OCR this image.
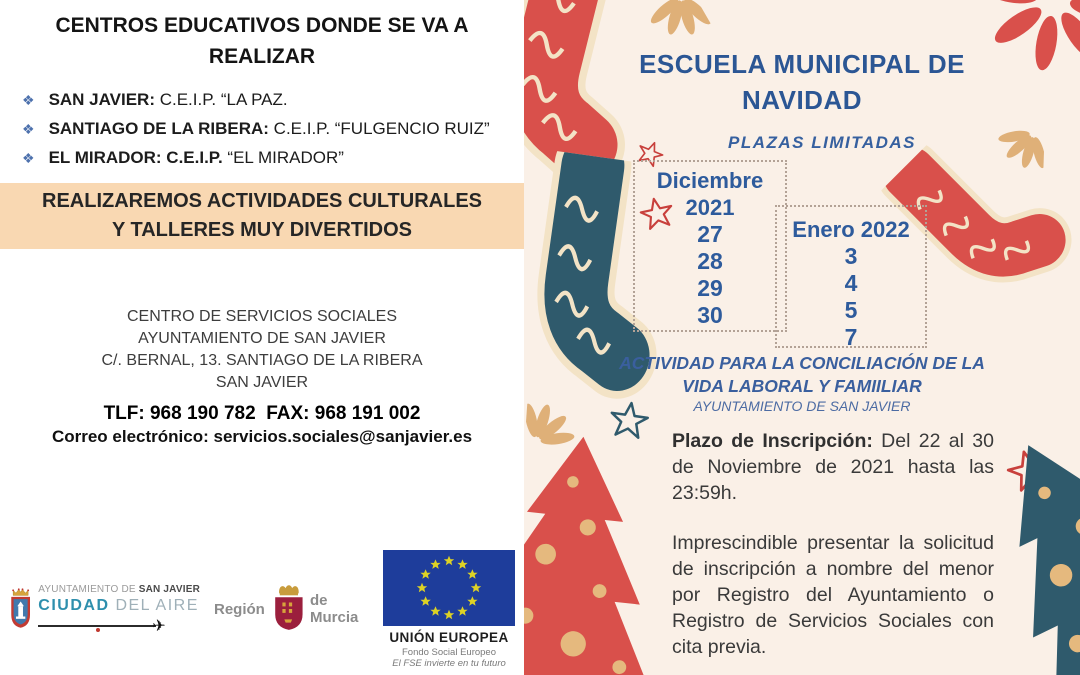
CENTROS EDUCATIVOS DONDE SE VA A REALIZAR
❖ SAN JAVIER: C.E.I.P. “LA PAZ.
❖ SANTIAGO DE LA RIBERA: C.E.I.P. “FULGENCIO RUIZ”
❖ EL MIRADOR: C.E.I.P. “EL MIRADOR”
REALIZAREMOS ACTIVIDADES CULTURALES Y TALLERES MUY DIVERTIDOS
CENTRO DE SERVICIOS SOCIALES
AYUNTAMIENTO DE SAN JAVIER
C/. BERNAL, 13. SANTIAGO DE LA RIBERA
SAN JAVIER
TLF: 968 190 782  FAX: 968 191 002
Correo electrónico: servicios.sociales@sanjavier.es
AYUNTAMIENTO DE SAN JAVIER
CIUDAD DEL AIRE
✈
Región	de Murcia
UNIÓN EUROPEA
Fondo Social Europeo
El FSE invierte en tu futuro
ESCUELA MUNICIPAL DE NAVIDAD
PLAZAS LIMITADAS
Diciembre
2021
27
28
29
30
Enero 2022
3
4
5
7
ACTIVIDAD PARA LA CONCILIACIÓN DE LA
VIDA LABORAL Y FAMIILIAR
AYUNTAMIENTO DE SAN JAVIER

Plazo de Inscripción: Del 22 al 30 de Noviembre de 2021 hasta las 23:59h.

Imprescindible presentar la solicitud de inscripción a nombre del menor por Registro del Ayuntamiento o Registro de Servicios Sociales con cita previa.
